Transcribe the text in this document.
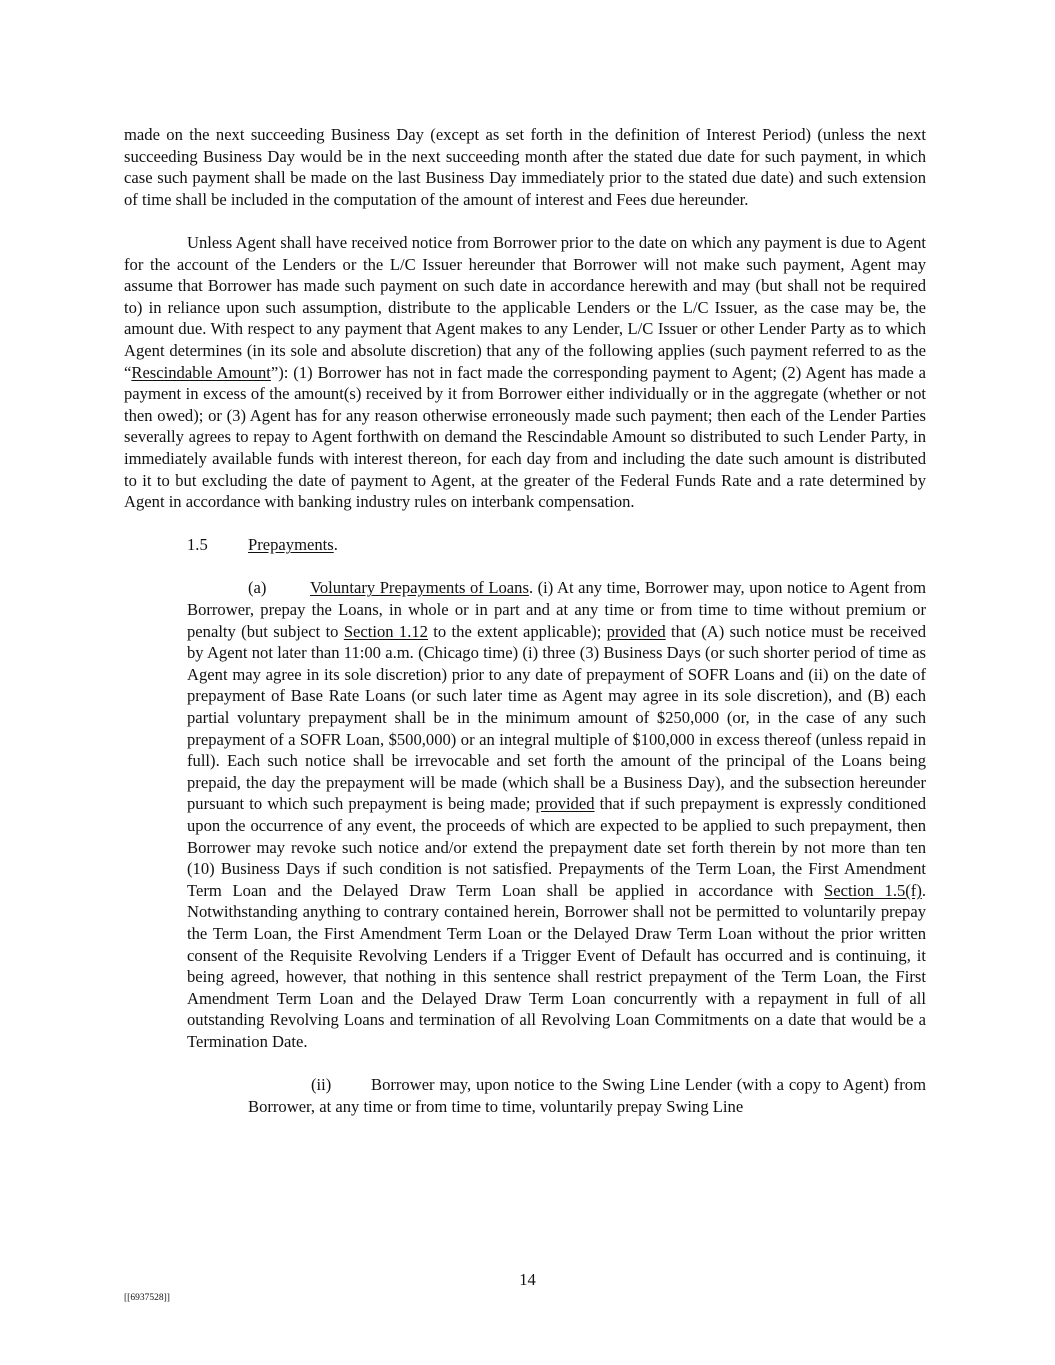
made on the next succeeding Business Day (except as set forth in the definition of Interest Period) (unless the next succeeding Business Day would be in the next succeeding month after the stated due date for such payment, in which case such payment shall be made on the last Business Day immediately prior to the stated due date) and such extension of time shall be included in the computation of the amount of interest and Fees due hereunder.

Unless Agent shall have received notice from Borrower prior to the date on which any payment is due to Agent for the account of the Lenders or the L/C Issuer hereunder that Borrower will not make such payment, Agent may assume that Borrower has made such payment on such date in accordance herewith and may (but shall not be required to) in reliance upon such assumption, distribute to the applicable Lenders or the L/C Issuer, as the case may be, the amount due. With respect to any payment that Agent makes to any Lender, L/C Issuer or other Lender Party as to which Agent determines (in its sole and absolute discretion) that any of the following applies (such payment referred to as the “Rescindable Amount”): (1) Borrower has not in fact made the corresponding payment to Agent; (2) Agent has made a payment in excess of the amount(s) received by it from Borrower either individually or in the aggregate (whether or not then owed); or (3) Agent has for any reason otherwise erroneously made such payment; then each of the Lender Parties severally agrees to repay to Agent forthwith on demand the Rescindable Amount so distributed to such Lender Party, in immediately available funds with interest thereon, for each day from and including the date such amount is distributed to it to but excluding the date of payment to Agent, at the greater of the Federal Funds Rate and a rate determined by Agent in accordance with banking industry rules on interbank compensation.

1.5 Prepayments.

(a)	Voluntary Prepayments of Loans. (i) At any time, Borrower may, upon notice to Agent from Borrower, prepay the Loans, in whole or in part and at any time or from time to time without premium or penalty (but subject to Section 1.12 to the extent applicable); provided that (A) such notice must be received by Agent not later than 11:00 a.m. (Chicago time) (i) three (3) Business Days (or such shorter period of time as Agent may agree in its sole discretion) prior to any date of prepayment of SOFR Loans and (ii) on the date of prepayment of Base Rate Loans (or such later time as Agent may agree in its sole discretion), and (B) each partial voluntary prepayment shall be in the minimum amount of $250,000 (or, in the case of any such prepayment of a SOFR Loan, $500,000) or an integral multiple of $100,000 in excess thereof (unless repaid in full). Each such notice shall be irrevocable and set forth the amount of the principal of the Loans being prepaid, the day the prepayment will be made (which shall be a Business Day), and the subsection hereunder pursuant to which such prepayment is being made; provided that if such prepayment is expressly conditioned upon the occurrence of any event, the proceeds of which are expected to be applied to such prepayment, then Borrower may revoke such notice and/or extend the prepayment date set forth therein by not more than ten (10) Business Days if such condition is not satisfied. Prepayments of the Term Loan, the First Amendment Term Loan and the Delayed Draw Term Loan shall be applied in accordance with Section 1.5(f). Notwithstanding anything to contrary contained herein, Borrower shall not be permitted to voluntarily prepay the Term Loan, the First Amendment Term Loan or the Delayed Draw Term Loan without the prior written consent of the Requisite Revolving Lenders if a Trigger Event of Default has occurred and is continuing, it being agreed, however, that nothing in this sentence shall restrict prepayment of the Term Loan, the First Amendment Term Loan and the Delayed Draw Term Loan concurrently with a repayment in full of all outstanding Revolving Loans and termination of all Revolving Loan Commitments on a date that would be a Termination Date.

(ii) Borrower may, upon notice to the Swing Line Lender (with a copy to Agent) from Borrower, at any time or from time to time, voluntarily prepay Swing Line

14
[[6937528]]
